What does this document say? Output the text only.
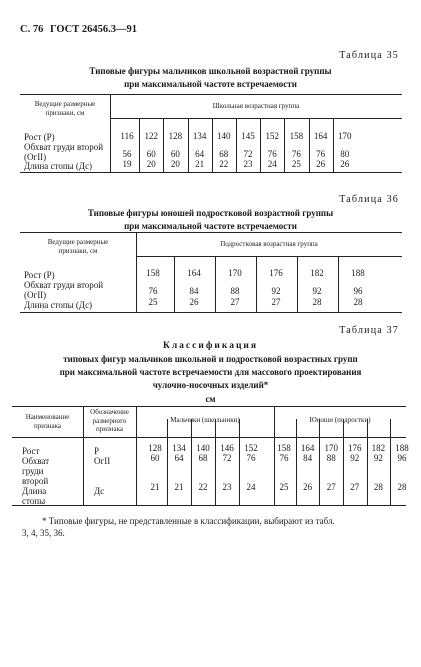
С. 76 ГОСТ 26456.3—91
Таблица 35
Типовые фигуры мальчиков школьной возрастной группы
при максимальной частоте встречаемости
Ведущие размерные
признаки, см
Школьная возрастная группа
Рост (Р)
Обхват груди второй
(ОгII)
Длина стопы (Дс)
116
56
19
122
60
20
128
60
20
134
64
21
140
68
22
145
72
23
152
76
24
158
76
25
164
76
26
170
80
26
Таблица 36
Типовые фигуры юношей подростковой возрастной группы
при максимальной частоте встречаемости
Ведущие размерные
признаки, см
Подростковая возрастная группа
Рост (Р)
Обхват груди второй
(ОгII)
Длина стопы (Дс)
158
76
25
164
84
26
170
88
27
176
92
27
182
92
28
188
96
28
Таблица 37
Классификация
типовых фигур мальчиков школьной и подростковой возрастных групп
при максимальной частоте встречаемости для массового проектирования
чулочно-носочных изделий*
см
Наименование
признака
Обозначение
размерного
признака
Мальчики (школьники)	Юноши (подростки)
Рост
Обхват
груди
второй
Длина
стопы
Р
ОгII
Дс
128
60
21
134
64
21
140
68
22
146
72
23
152
76
24
158
76
25
164
84
26
170
88
27
176
92
27
182
92
28
188
96
28
* Типовые фигуры, не представленные в классификации, выбирают из табл.
3, 4, 35, 36.
